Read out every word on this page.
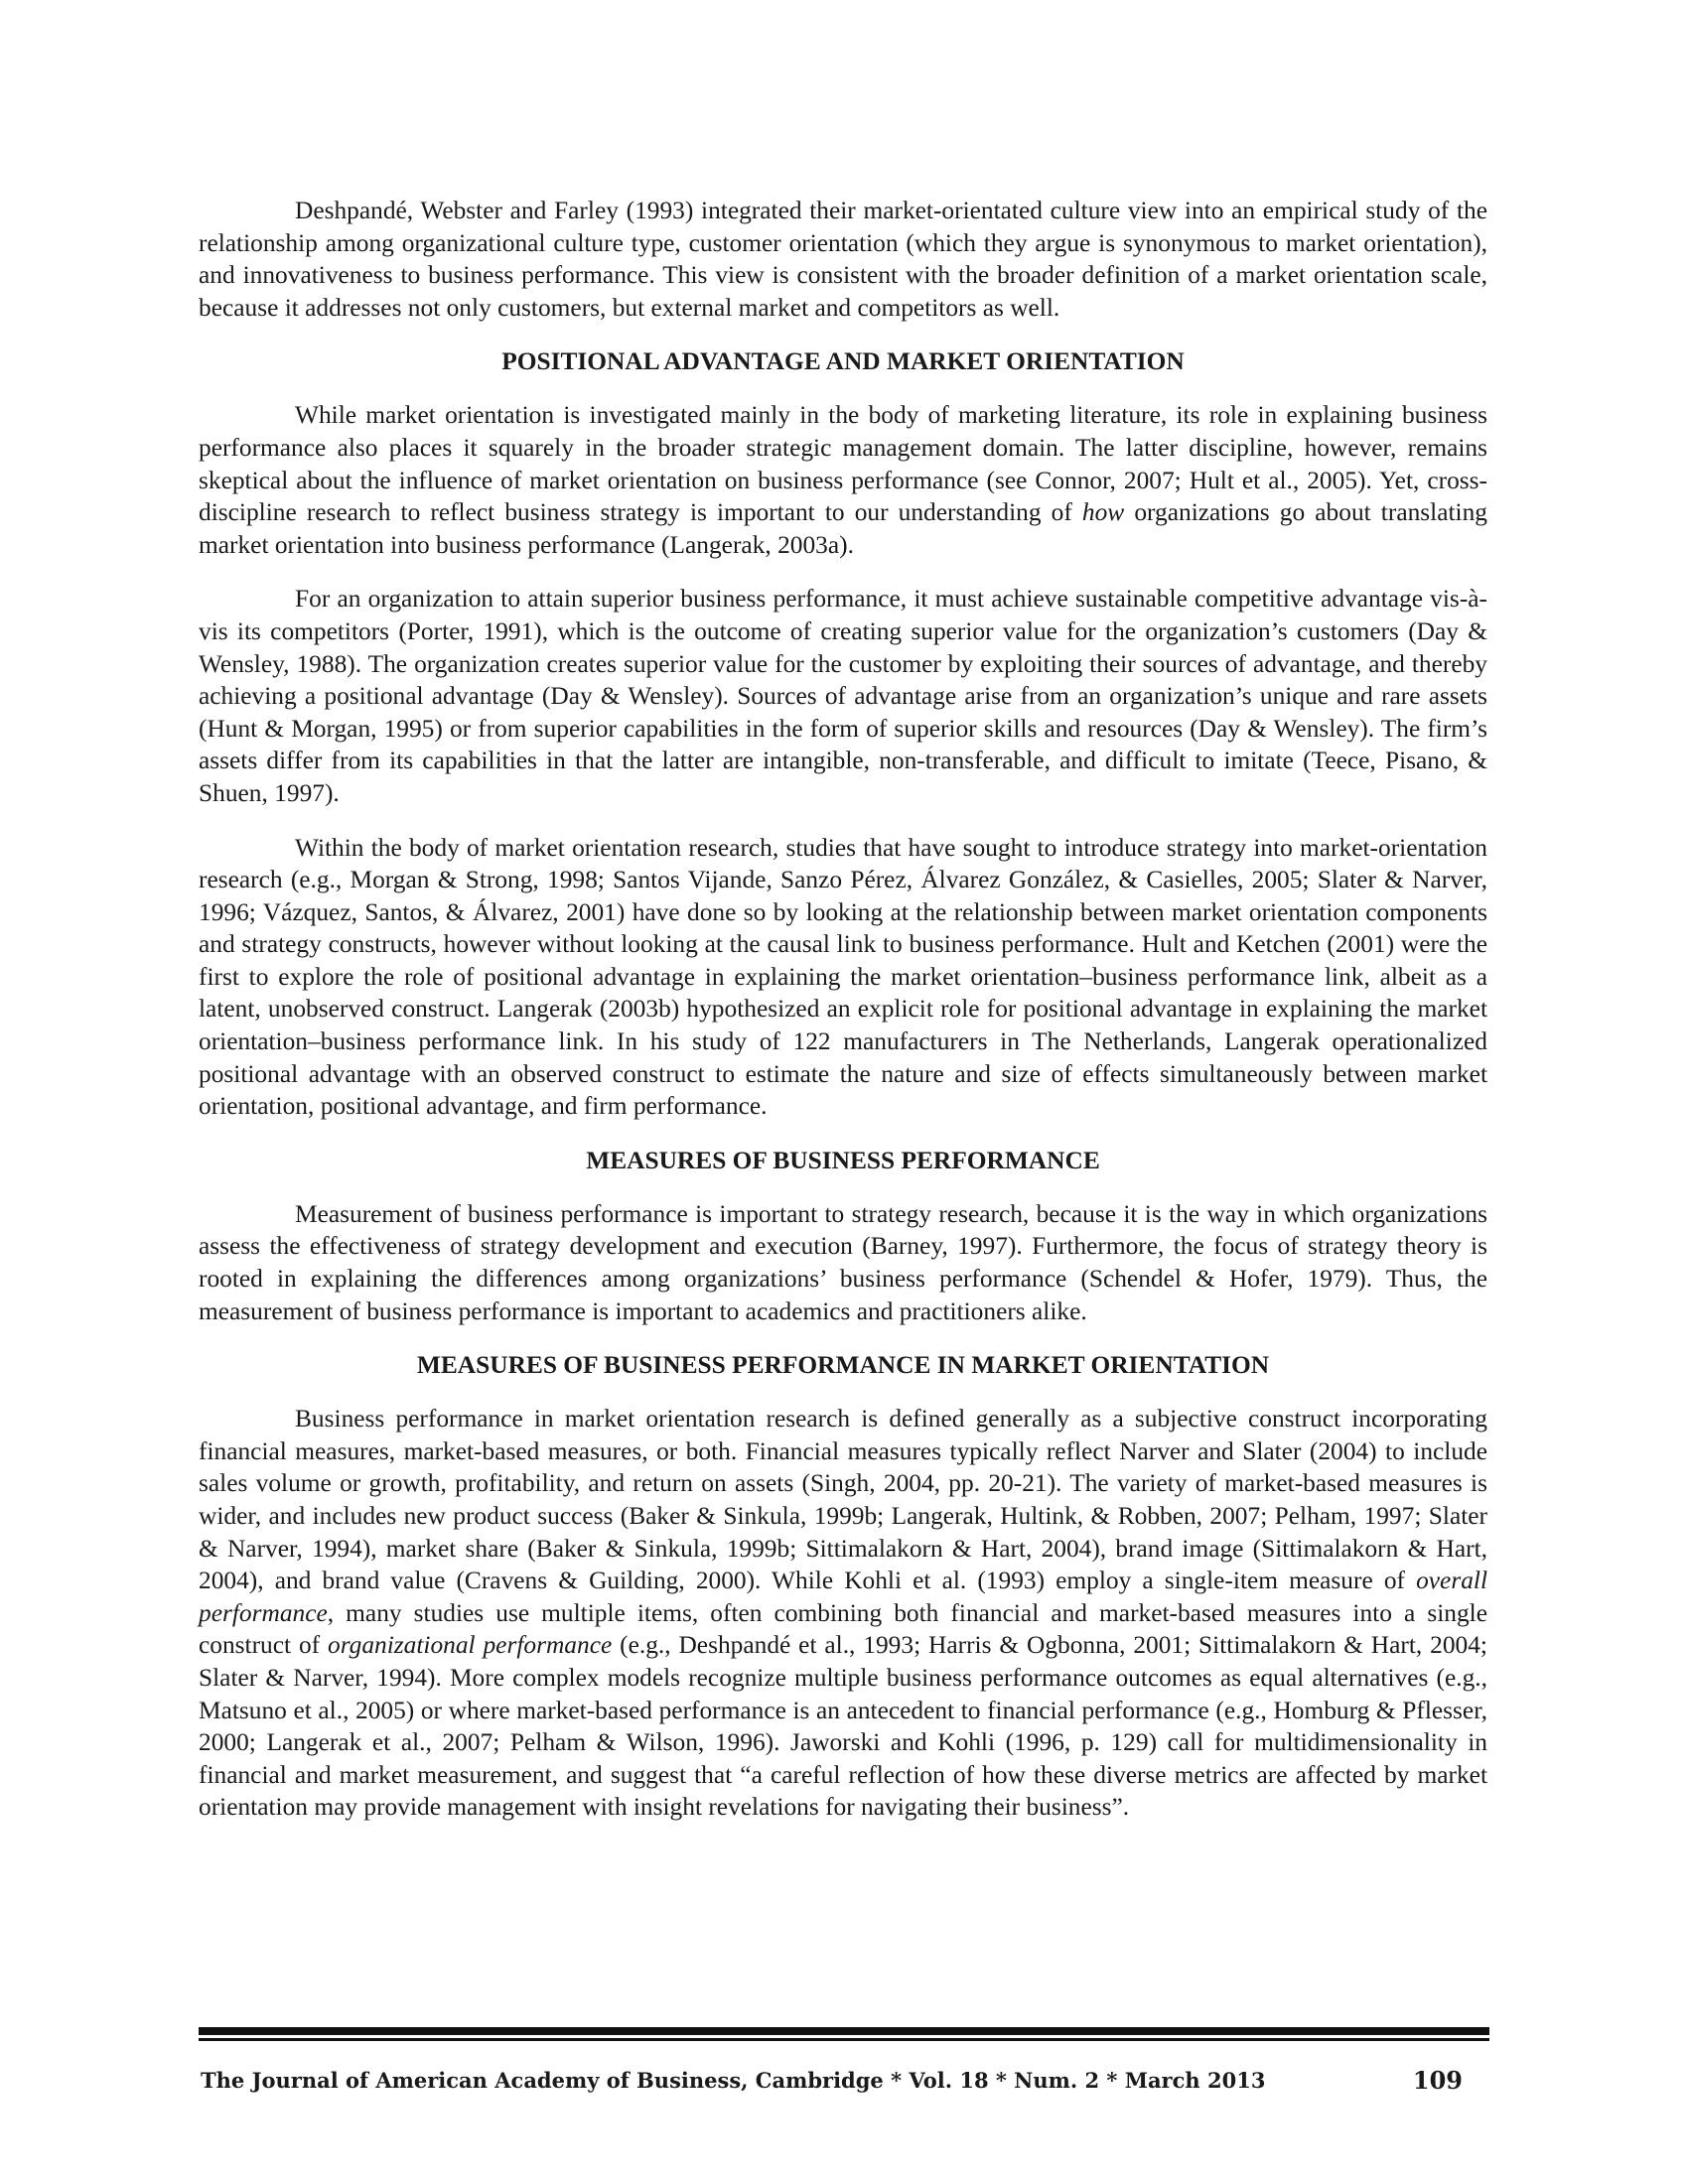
Deshpandé, Webster and Farley (1993) integrated their market-orientated culture view into an empirical study of the relationship among organizational culture type, customer orientation (which they argue is synonymous to market orientation), and innovativeness to business performance. This view is consistent with the broader definition of a market orientation scale, because it addresses not only customers, but external market and competitors as well.

POSITIONAL ADVANTAGE AND MARKET ORIENTATION

While market orientation is investigated mainly in the body of marketing literature, its role in explaining business performance also places it squarely in the broader strategic management domain. The latter discipline, however, remains skeptical about the influence of market orientation on business performance (see Connor, 2007; Hult et al., 2005). Yet, cross-discipline research to reflect business strategy is important to our understanding of how organizations go about translating market orientation into business performance (Langerak, 2003a).

For an organization to attain superior business performance, it must achieve sustainable competitive advantage vis-à-vis its competitors (Porter, 1991), which is the outcome of creating superior value for the organization’s customers (Day & Wensley, 1988). The organization creates superior value for the customer by exploiting their sources of advantage, and thereby achieving a positional advantage (Day & Wensley). Sources of advantage arise from an organization’s unique and rare assets (Hunt & Morgan, 1995) or from superior capabilities in the form of superior skills and resources (Day & Wensley). The firm’s assets differ from its capabilities in that the latter are intangible, non-transferable, and difficult to imitate (Teece, Pisano, & Shuen, 1997).

Within the body of market orientation research, studies that have sought to introduce strategy into market-orientation research (e.g., Morgan & Strong, 1998; Santos Vijande, Sanzo Pérez, Álvarez González, & Casielles, 2005; Slater & Narver, 1996; Vázquez, Santos, & Álvarez, 2001) have done so by looking at the relationship between market orientation components and strategy constructs, however without looking at the causal link to business performance. Hult and Ketchen (2001) were the first to explore the role of positional advantage in explaining the market orientation–business performance link, albeit as a latent, unobserved construct. Langerak (2003b) hypothesized an explicit role for positional advantage in explaining the market orientation–business performance link. In his study of 122 manufacturers in The Netherlands, Langerak operationalized positional advantage with an observed construct to estimate the nature and size of effects simultaneously between market orientation, positional advantage, and firm performance.

MEASURES OF BUSINESS PERFORMANCE

Measurement of business performance is important to strategy research, because it is the way in which organizations assess the effectiveness of strategy development and execution (Barney, 1997). Furthermore, the focus of strategy theory is rooted in explaining the differences among organizations’ business performance (Schendel & Hofer, 1979). Thus, the measurement of business performance is important to academics and practitioners alike.

MEASURES OF BUSINESS PERFORMANCE IN MARKET ORIENTATION

Business performance in market orientation research is defined generally as a subjective construct incorporating financial measures, market-based measures, or both. Financial measures typically reflect Narver and Slater (2004) to include sales volume or growth, profitability, and return on assets (Singh, 2004, pp. 20-21). The variety of market-based measures is wider, and includes new product success (Baker & Sinkula, 1999b; Langerak, Hultink, & Robben, 2007; Pelham, 1997; Slater & Narver, 1994), market share (Baker & Sinkula, 1999b; Sittimalakorn & Hart, 2004), brand image (Sittimalakorn & Hart, 2004), and brand value (Cravens & Guilding, 2000). While Kohli et al. (1993) employ a single-item measure of overall performance, many studies use multiple items, often combining both financial and market-based measures into a single construct of organizational performance (e.g., Deshpandé et al., 1993; Harris & Ogbonna, 2001; Sittimalakorn & Hart, 2004; Slater & Narver, 1994). More complex models recognize multiple business performance outcomes as equal alternatives (e.g., Matsuno et al., 2005) or where market-based performance is an antecedent to financial performance (e.g., Homburg & Pflesser, 2000; Langerak et al., 2007; Pelham & Wilson, 1996). Jaworski and Kohli (1996, p. 129) call for multidimensionality in financial and market measurement, and suggest that “a careful reflection of how these diverse metrics are affected by market orientation may provide management with insight revelations for navigating their business”.

The Journal of American Academy of Business, Cambridge * Vol. 18 * Num. 2 * March 2013	109
